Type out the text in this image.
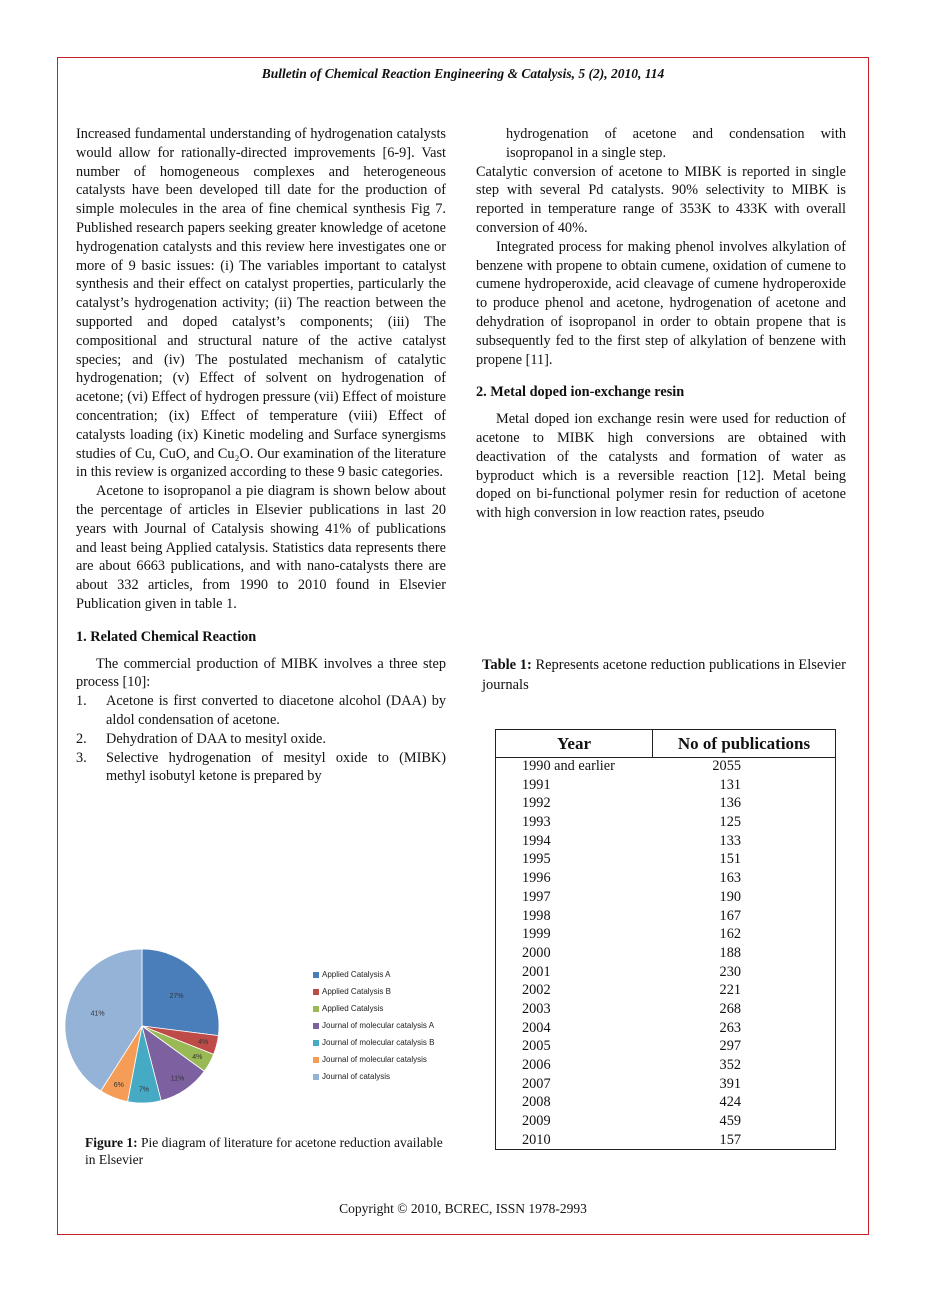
Bulletin of Chemical Reaction Engineering & Catalysis, 5 (2), 2010, 114

Increased fundamental understanding of hydrogenation catalysts would allow for rationally-directed improvements [6-9]. Vast number of homogeneous complexes and heterogeneous catalysts have been developed till date for the production of simple molecules in the area of fine chemical synthesis Fig 7. Published research papers seeking greater knowledge of acetone hydrogenation catalysts and this review here investigates one or more of 9 basic issues: (i) The variables important to catalyst synthesis and their effect on catalyst properties, particularly the catalyst’s hydrogenation activity; (ii) The reaction between the supported and doped catalyst’s components; (iii) The compositional and structural nature of the active catalyst species; and (iv) The postulated mechanism of catalytic hydrogenation; (v) Effect of solvent on hydrogenation of acetone; (vi) Effect of hydrogen pressure (vii) Effect of moisture concentration; (ix) Effect of temperature (viii) Effect of catalysts loading (ix) Kinetic modeling and Surface synergisms studies of Cu, CuO, and Cu₂O. Our examination of the literature in this review is organized according to these 9 basic categories.

Acetone to isopropanol a pie diagram is shown below about the percentage of articles in Elsevier publications in last 20 years with Journal of Catalysis showing 41% of publications and least being Applied catalysis. Statistics data represents there are about 6663 publications, and with nano-catalysts there are about 332 articles, from 1990 to 2010 found in Elsevier Publication given in table 1.

1. Related Chemical Reaction

The commercial production of MIBK involves a three step process [10]:

1. Acetone is first converted to diacetone alcohol (DAA) by aldol condensation of acetone.
2. Dehydration of DAA to mesityl oxide.
3. Selective hydrogenation of mesityl oxide to (MIBK) methyl isobutyl ketone is prepared by

hydrogenation of acetone and condensation with isopropanol in a single step.

Catalytic conversion of acetone to MIBK is reported in single step with several Pd catalysts. 90% selectivity to MIBK is reported in temperature range of 353K to 433K with overall conversion of 40%.

Integrated process for making phenol involves alkylation of benzene with propene to obtain cumene, oxidation of cumene to cumene hydroperoxide, acid cleavage of cumene hydroperoxide to produce phenol and acetone, hydrogenation of acetone and dehydration of isopropanol in order to obtain propene that is subsequently fed to the first step of alkylation of benzene with propene [11].

2. Metal doped ion-exchange resin

Metal doped ion exchange resin were used for reduction of acetone to MIBK high conversions are obtained with deactivation of the catalysts and formation of water as byproduct which is a reversible reaction [12]. Metal being doped on bi-functional polymer resin for reduction of acetone with high conversion in low reaction rates, pseudo

27%
4%
4%
11%
7%
6%
41%
Applied Catalysis A
Applied Catalysis B
Applied Catalysis
Journal of molecular catalysis A
Journal of molecular catalysis B
Journal of molecular catalysis
Journal of catalysis
Figure 1: Pie diagram of literature for acetone reduction available in Elsevier
Table 1: Represents acetone reduction publications in Elsevier journals
Year	No of publications
1990 and earlier	2055
1991	131
1992	136
1993	125
1994	133
1995	151
1996	163
1997	190
1998	167
1999	162
2000	188
2001	230
2002	221
2003	268
2004	263
2005	297
2006	352
2007	391
2008	424
2009	459
2010	157
Copyright © 2010, BCREC, ISSN 1978-2993
